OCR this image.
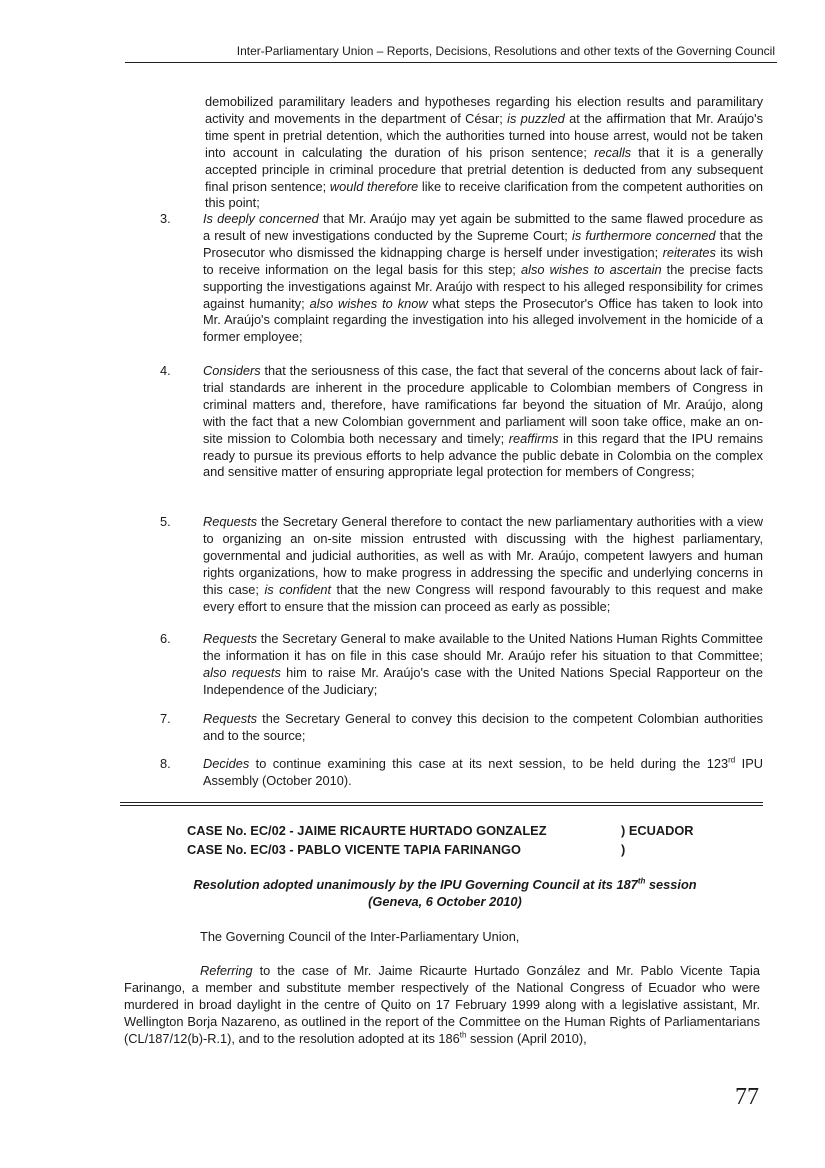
Inter-Parliamentary Union – Reports, Decisions, Resolutions and other texts of the Governing Council
demobilized paramilitary leaders and hypotheses regarding his election results and paramilitary activity and movements in the department of César; is puzzled at the affirmation that Mr. Araújo's time spent in pretrial detention, which the authorities turned into house arrest, would not be taken into account in calculating the duration of his prison sentence; recalls that it is a generally accepted principle in criminal procedure that pretrial detention is deducted from any subsequent final prison sentence; would therefore like to receive clarification from the competent authorities on this point;
3.	Is deeply concerned that Mr. Araújo may yet again be submitted to the same flawed procedure as a result of new investigations conducted by the Supreme Court; is furthermore concerned that the Prosecutor who dismissed the kidnapping charge is herself under investigation; reiterates its wish to receive information on the legal basis for this step; also wishes to ascertain the precise facts supporting the investigations against Mr. Araújo with respect to his alleged responsibility for crimes against humanity; also wishes to know what steps the Prosecutor's Office has taken to look into Mr. Araújo's complaint regarding the investigation into his alleged involvement in the homicide of a former employee;
4.	Considers that the seriousness of this case, the fact that several of the concerns about lack of fair-trial standards are inherent in the procedure applicable to Colombian members of Congress in criminal matters and, therefore, have ramifications far beyond the situation of Mr. Araújo, along with the fact that a new Colombian government and parliament will soon take office, make an on-site mission to Colombia both necessary and timely; reaffirms in this regard that the IPU remains ready to pursue its previous efforts to help advance the public debate in Colombia on the complex and sensitive matter of ensuring appropriate legal protection for members of Congress;
5.	Requests the Secretary General therefore to contact the new parliamentary authorities with a view to organizing an on-site mission entrusted with discussing with the highest parliamentary, governmental and judicial authorities, as well as with Mr. Araújo, competent lawyers and human rights organizations, how to make progress in addressing the specific and underlying concerns in this case; is confident that the new Congress will respond favourably to this request and make every effort to ensure that the mission can proceed as early as possible;
6.	Requests the Secretary General to make available to the United Nations Human Rights Committee the information it has on file in this case should Mr. Araújo refer his situation to that Committee; also requests him to raise Mr. Araújo's case with the United Nations Special Rapporteur on the Independence of the Judiciary;
7.	Requests the Secretary General to convey this decision to the competent Colombian authorities and to the source;
8.	Decides to continue examining this case at its next session, to be held during the 123rd IPU Assembly (October 2010).
CASE No. EC/02 - JAIME RICAURTE HURTADO GONZALEZ	) ECUADOR
CASE No. EC/03 - PABLO VICENTE TAPIA FARINANGO	)
Resolution adopted unanimously by the IPU Governing Council at its 187th session
(Geneva, 6 October 2010)
The Governing Council of the Inter-Parliamentary Union,
Referring to the case of Mr. Jaime Ricaurte Hurtado González and Mr. Pablo Vicente Tapia Farinango, a member and substitute member respectively of the National Congress of Ecuador who were murdered in broad daylight in the centre of Quito on 17 February 1999 along with a legislative assistant, Mr. Wellington Borja Nazareno, as outlined in the report of the Committee on the Human Rights of Parliamentarians (CL/187/12(b)-R.1), and to the resolution adopted at its 186th session (April 2010),
77
